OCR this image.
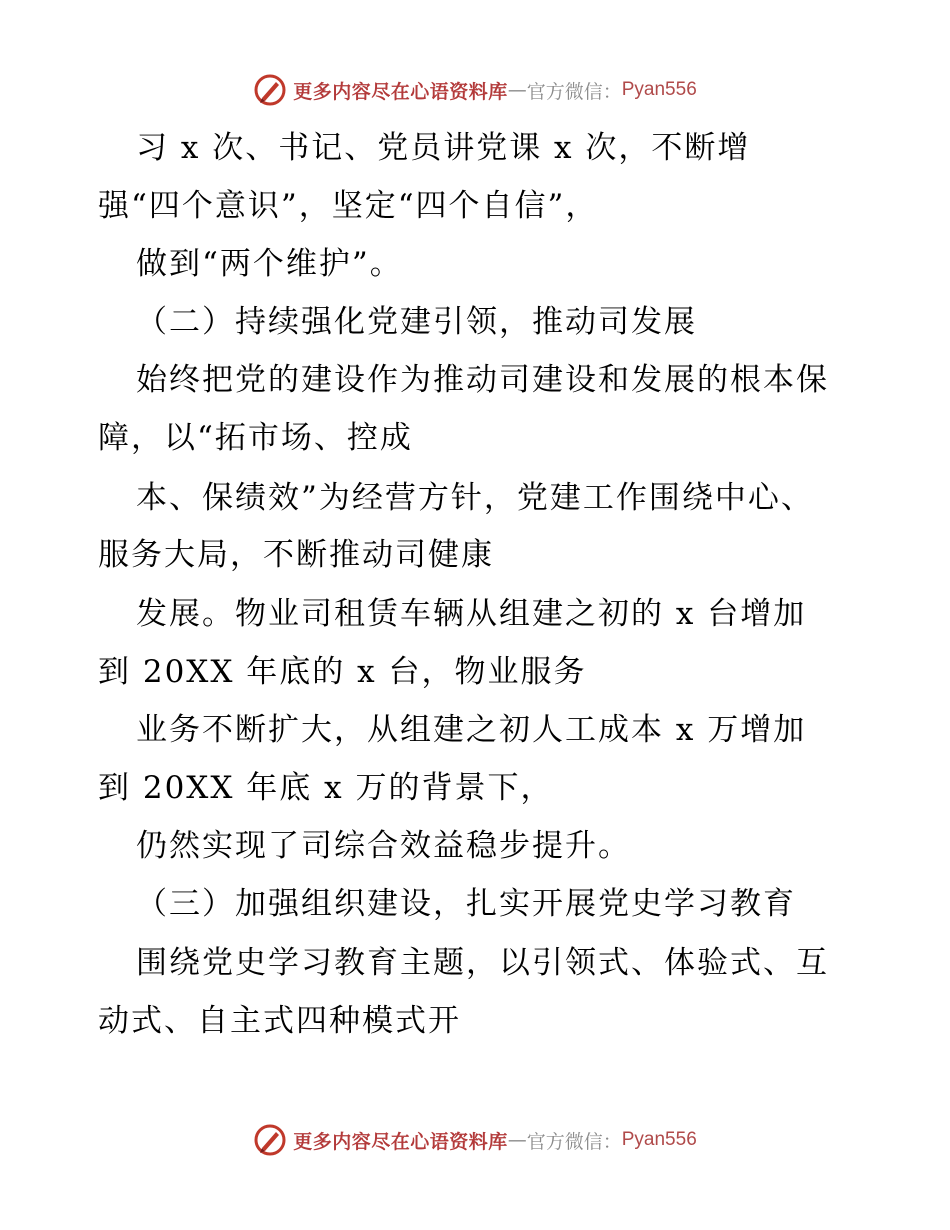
更多内容尽在心语资料库 — 官方微信： Pyan556
习 x 次、书记、党员讲党课 x 次，不断增
强“四个意识”，坚定“四个自信”，
做到“两个维护”。
（二）持续强化党建引领，推动司发展
始终把党的建设作为推动司建设和发展的根本保
障，以“拓市场、控成
本、保绩效”为经营方针，党建工作围绕中心、
服务大局，不断推动司健康
发展。物业司租赁车辆从组建之初的 x 台增加
到 20XX 年底的 x 台，物业服务
业务不断扩大，从组建之初人工成本 x 万增加
到 20XX 年底 x 万的背景下，
仍然实现了司综合效益稳步提升。
（三）加强组织建设，扎实开展党史学习教育
围绕党史学习教育主题，以引领式、体验式、互
动式、自主式四种模式开
更多内容尽在心语资料库 — 官方微信： Pyan556
